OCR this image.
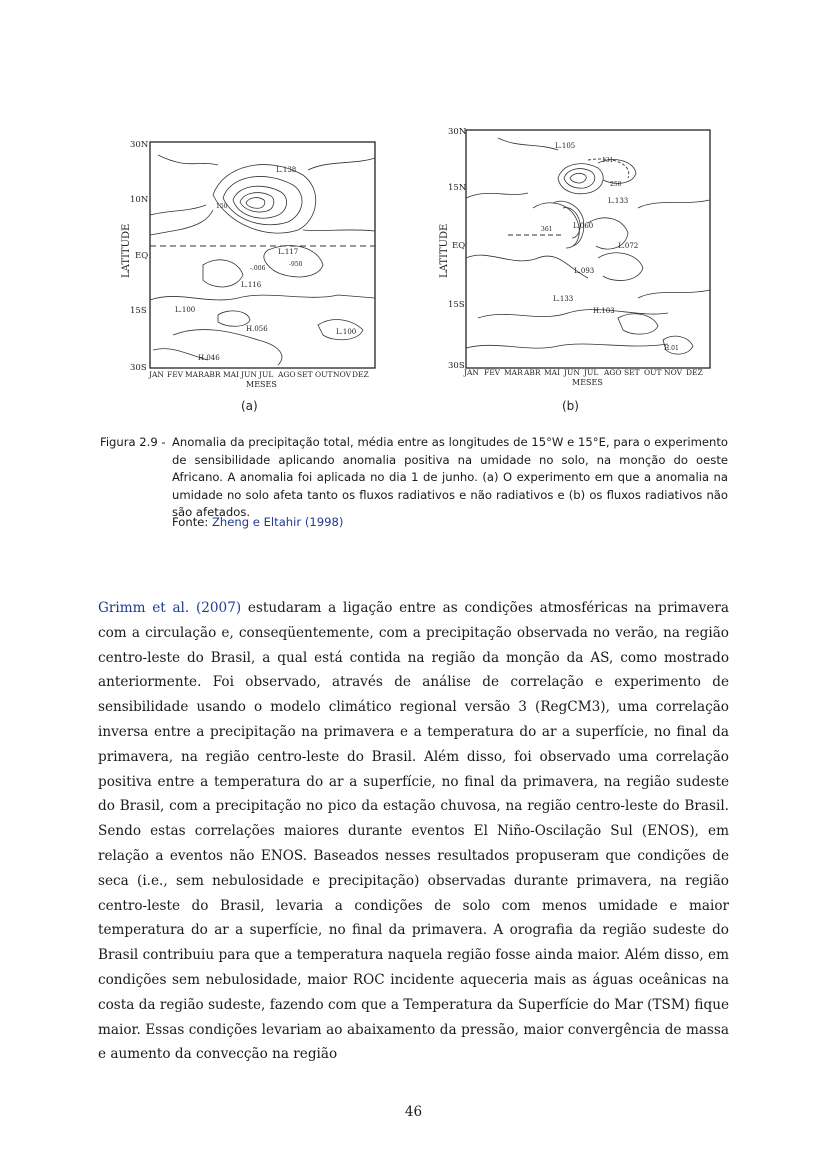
30N
10N
EQ
15S
30S
LATITUDE
JAN FEV MAR ABR MAI JUN JUL AGO SET OUT NOV DEZ
MESES
L.138
L.117
L.116
L.100
L.100
H.046
H.056
-950
150
-.006
30N
15N
EQ
15S
30S
LATITUDE
JAN FEV MAR ABR MAI JUN JUL AGO SET OUT NOV DEZ
MESES
L.105
L.060
L.093
L.072
L.133
L.133
H.103
H.01
131
250
361
(a)	(b)
Figura 2.9 - Anomalia da precipitação total, média entre as longitudes de 15°W e 15°E, para o experimento de sensibilidade aplicando anomalia positiva na umidade no solo, na monção do oeste Africano. A anomalia foi aplicada no dia 1 de junho. (a) O experimento em que a anomalia na umidade no solo afeta tanto os fluxos radiativos e não radiativos e (b) os fluxos radiativos não são afetados.
Fonte: Zheng e Eltahir (1998)
Grimm et al. (2007) estudaram a ligação entre as condições atmosféricas na primavera com a circulação e, conseqüentemente, com a precipitação observada no verão, na região centro-leste do Brasil, a qual está contida na região da monção da AS, como mostrado anteriormente. Foi observado, através de análise de correlação e experimento de sensibilidade usando o modelo climático regional versão 3 (RegCM3), uma correlação inversa entre a precipitação na primavera e a temperatura do ar a superfície, no final da primavera, na região centro-leste do Brasil. Além disso, foi observado uma correlação positiva entre a temperatura do ar a superfície, no final da primavera, na região sudeste do Brasil, com a precipitação no pico da estação chuvosa, na região centro-leste do Brasil. Sendo estas correlações maiores durante eventos El Niño-Oscilação Sul (ENOS), em relação a eventos não ENOS. Baseados nesses resultados propuseram que condições de seca (i.e., sem nebulosidade e precipitação) observadas durante primavera, na região centro-leste do Brasil, levaria a condições de solo com menos umidade e maior temperatura do ar a superfície, no final da primavera. A orografia da região sudeste do Brasil contribuiu para que a temperatura naquela região fosse ainda maior. Além disso, em condições sem nebulosidade, maior ROC incidente aqueceria mais as águas oceânicas na costa da região sudeste, fazendo com que a Temperatura da Superfície do Mar (TSM) fique maior. Essas condições levariam ao abaixamento da pressão, maior convergência de massa e aumento da convecção na região
46
